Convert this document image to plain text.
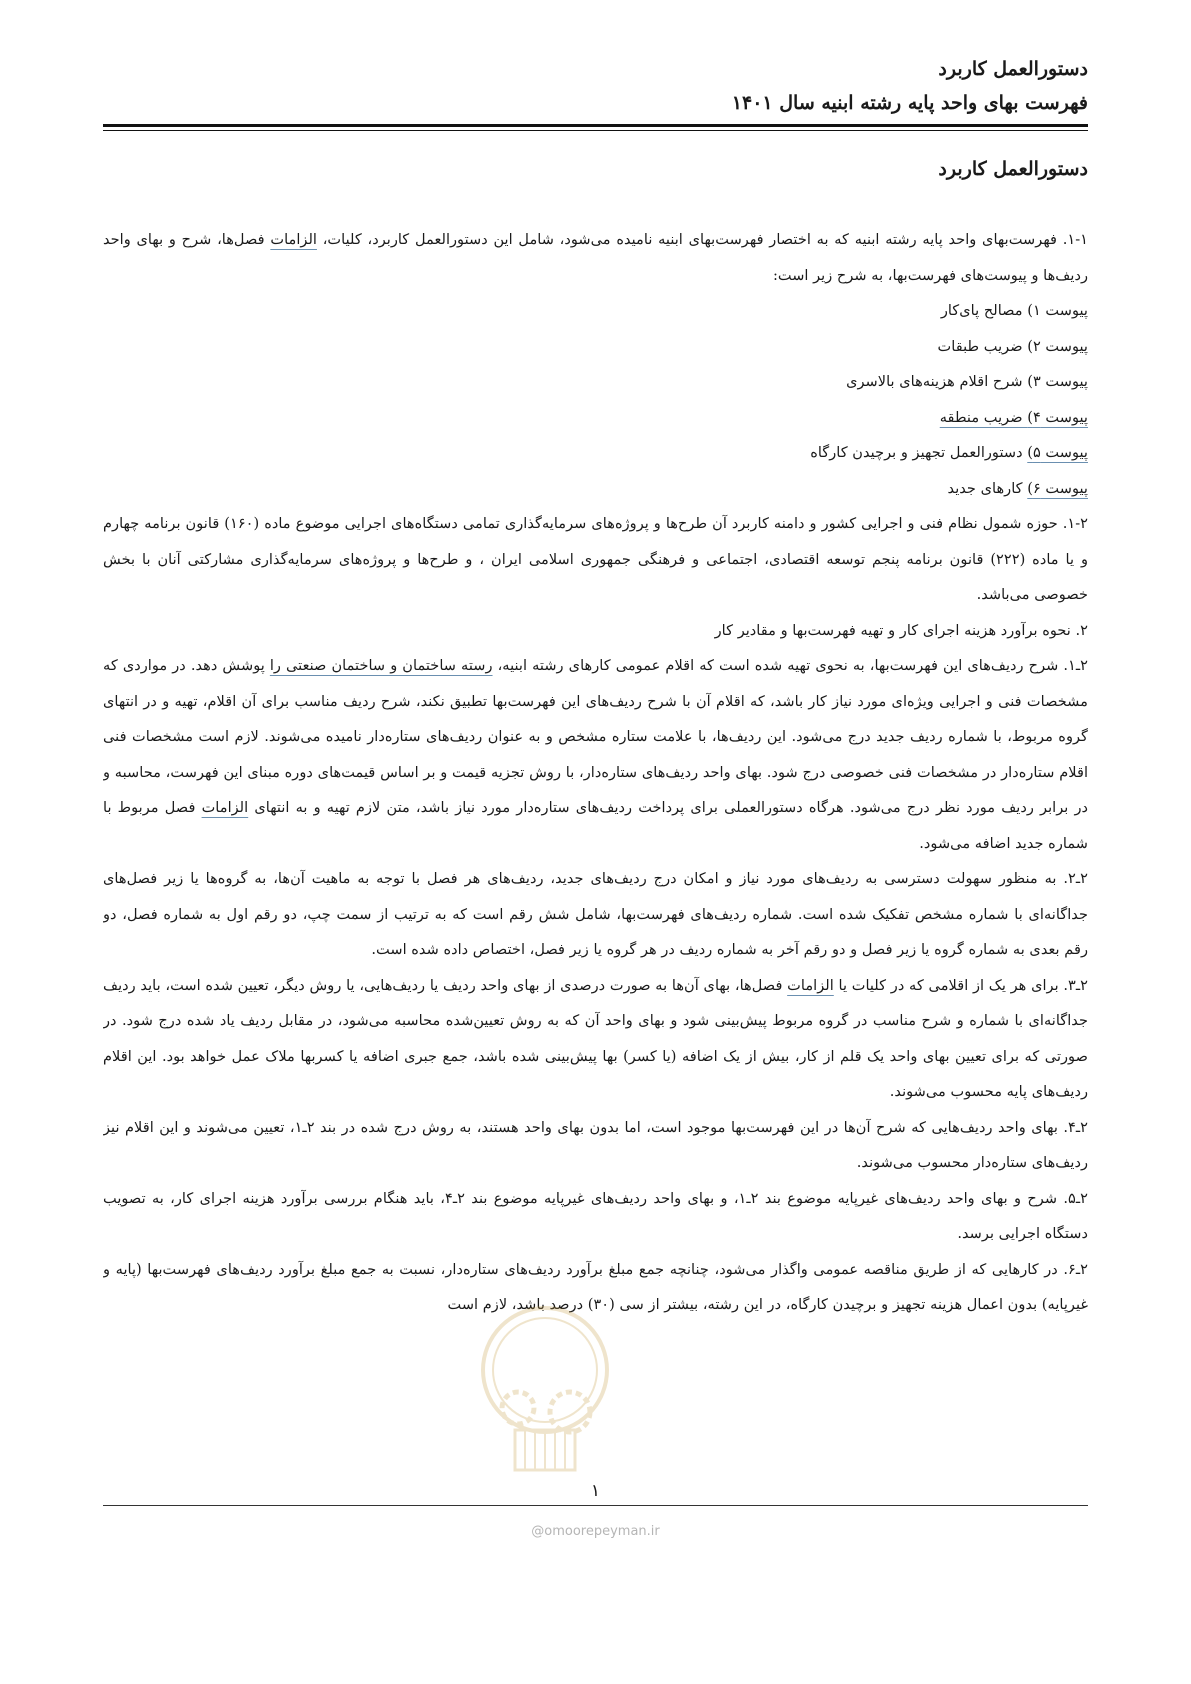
دستورالعمل کاربرد
فهرست بهای واحد پایه رشته ابنیه سال ۱۴۰۱
دستورالعمل کاربرد

۱-۱. فهرست‌بهای واحد پایه رشته ابنیه که به اختصار فهرست‌بهای ابنیه نامیده می‌شود، شامل این دستورالعمل کاربرد، کلیات، الزامات فصل‌ها، شرح و بهای واحد ردیف‌ها و پیوست‌های فهرست‌بها، به شرح زیر است:

پیوست ۱) مصالح پای‌کار
پیوست ۲) ضریب طبقات
پیوست ۳) شرح اقلام هزینه‌های بالاسری
پیوست ۴) ضریب منطقه
پیوست ۵) دستورالعمل تجهیز و برچیدن کارگاه
پیوست ۶) کارهای جدید

۱-۲. حوزه شمول نظام فنی و اجرایی کشور و دامنه کاربرد آن طرح‌ها و پروژه‌های سرمایه‌گذاری تمامی دستگاه‌های اجرایی موضوع ماده (۱۶۰) قانون برنامه چهارم و یا ماده (۲۲۲) قانون برنامه پنجم توسعه اقتصادی، اجتماعی و فرهنگی جمهوری اسلامی ایران ، و طرح‌ها و پروژه‌های سرمایه‌گذاری مشارکتی آنان با بخش خصوصی می‌باشد.

۲. نحوه برآورد هزینه اجرای کار و تهیه فهرست‌بها و مقادیر کار

۲ـ۱. شرح ردیف‌های این فهرست‌بها، به نحوی تهیه شده است که اقلام عمومی کارهای رشته ابنیه، رسته ساختمان و ساختمان صنعتی را پوشش دهد. در مواردی که مشخصات فنی و اجرایی ویژه‌ای مورد نیاز کار باشد، که اقلام آن با شرح ردیف‌های این فهرست‌بها تطبیق نکند، شرح ردیف مناسب برای آن اقلام، تهیه و در انتهای گروه مربوط، با شماره ردیف جدید درج می‌شود. این ردیف‌ها، با علامت ستاره مشخص و به عنوان ردیف‌های ستاره‌دار نامیده می‌شوند. لازم است مشخصات فنی اقلام ستاره‌دار در مشخصات فنی خصوصی درج شود. بهای واحد ردیف‌های ستاره‌دار، با روش تجزیه قیمت و بر اساس قیمت‌های دوره مبنای این فهرست، محاسبه و در برابر ردیف مورد نظر درج می‌شود. هرگاه دستورالعملی برای پرداخت ردیف‌های ستاره‌دار مورد نیاز باشد، متن لازم تهیه و به انتهای الزامات فصل مربوط با شماره جدید اضافه می‌شود.

۲ـ۲. به منظور سهولت دسترسی به ردیف‌های مورد نیاز و امکان درج ردیف‌های جدید، ردیف‌های هر فصل با توجه به ماهیت آن‌ها، به گروه‌ها یا زیر فصل‌های جداگانه‌ای با شماره مشخص تفکیک شده است. شماره ردیف‌های فهرست‌بها، شامل شش رقم است که به ترتیب از سمت چپ، دو رقم اول به شماره فصل، دو رقم بعدی به شماره گروه یا زیر فصل و دو رقم آخر به شماره ردیف در هر گروه یا زیر فصل، اختصاص داده شده است.

۲ـ۳. برای هر یک از اقلامی که در کلیات یا الزامات فصل‌ها، بهای آن‌ها به صورت درصدی از بهای واحد ردیف یا ردیف‌هایی، یا روش دیگر، تعیین شده است، باید ردیف جداگانه‌ای با شماره و شرح مناسب در گروه مربوط پیش‌بینی شود و بهای واحد آن که به روش تعیین‌شده محاسبه می‌شود، در مقابل ردیف یاد شده درج شود. در صورتی که برای تعیین بهای واحد یک قلم از کار، بیش از یک اضافه (یا کسر) بها پیش‌بینی شده باشد، جمع جبری اضافه یا کسربها ملاک عمل خواهد بود. این اقلام ردیف‌های پایه محسوب می‌شوند.

۲ـ۴. بهای واحد ردیف‌هایی که شرح آن‌ها در این فهرست‌بها موجود است، اما بدون بهای واحد هستند، به روش درج شده در بند ۲ـ۱، تعیین می‌شوند و این اقلام نیز ردیف‌های ستاره‌دار محسوب می‌شوند.

۲ـ۵. شرح و بهای واحد ردیف‌های غیرپایه موضوع بند ۲ـ۱، و بهای واحد ردیف‌های غیرپایه موضوع بند ۲ـ۴، باید هنگام بررسی برآورد هزینه اجرای کار، به تصویب دستگاه اجرایی برسد.

۲ـ۶. در کارهایی که از طریق مناقصه عمومی واگذار می‌شود، چنانچه جمع مبلغ برآورد ردیف‌های ستاره‌دار، نسبت به جمع مبلغ برآورد ردیف‌های فهرست‌بها (پایه و غیرپایه) بدون اعمال هزینه تجهیز و برچیدن کارگاه، در این رشته، بیشتر از سی (۳۰) درصد باشد، لازم است

۱
@omoorepeyman.ir
